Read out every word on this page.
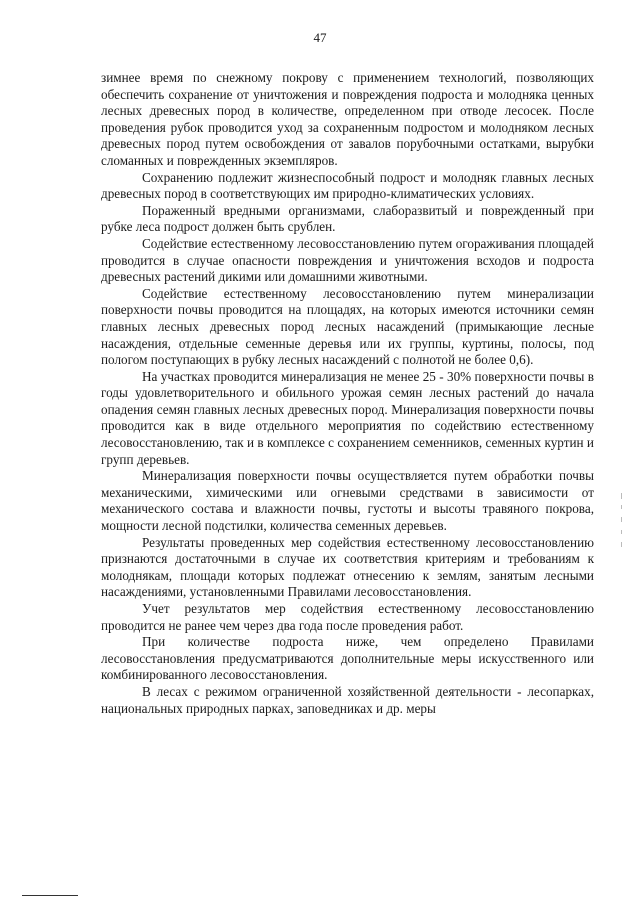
47

зимнее время по снежному покрову с применением технологий, позволяющих обеспечить сохранение от уничтожения и повреждения подроста и молодняка ценных лесных древесных пород в количестве, определенном при отводе лесосек. После проведения рубок проводится уход за сохраненным подростом и молодняком лесных древесных пород путем освобождения от завалов порубочными остатками, вырубки сломанных и поврежденных экземпляров.

Сохранению подлежит жизнеспособный подрост и молодняк главных лесных древесных пород в соответствующих им природно-климатических условиях.

Пораженный вредными организмами, слаборазвитый и поврежденный при рубке леса подрост должен быть срублен.

Содействие естественному лесовосстановлению путем огораживания площадей проводится в случае опасности повреждения и уничтожения всходов и подроста древесных растений дикими или домашними животными.

Содействие естественному лесовосстановлению путем минерализации поверхности почвы проводится на площадях, на которых имеются источники семян главных лесных древесных пород лесных насаждений (примыкающие лесные насаждения, отдельные семенные деревья или их группы, куртины, полосы, под пологом поступающих в рубку лесных насаждений с полнотой не более 0,6).

На участках проводится минерализация не менее 25 - 30% поверхности почвы в годы удовлетворительного и обильного урожая семян лесных растений до начала опадения семян главных лесных древесных пород. Минерализация поверхности почвы проводится как в виде отдельного мероприятия по содействию естественному лесовосстановлению, так и в комплексе с сохранением семенников, семенных куртин и групп деревьев.

Минерализация поверхности почвы осуществляется путем обработки почвы механическими, химическими или огневыми средствами в зависимости от механического состава и влажности почвы, густоты и высоты травяного покрова, мощности лесной подстилки, количества семенных деревьев.

Результаты проведенных мер содействия естественному лесовосстановлению признаются достаточными в случае их соответствия критериям и требованиям к молоднякам, площади которых подлежат отнесению к землям, занятым лесными насаждениями, установленными Правилами лесовосстановления.

Учет результатов мер содействия естественному лесовосстановлению проводится не ранее чем через два года после проведения работ.

При количестве подроста ниже, чем определено Правилами лесовосстановления предусматриваются дополнительные меры искусственного или комбинированного лесовосстановления.

В лесах с режимом ограниченной хозяйственной деятельности - лесопарках, национальных природных парках, заповедниках и др. меры
